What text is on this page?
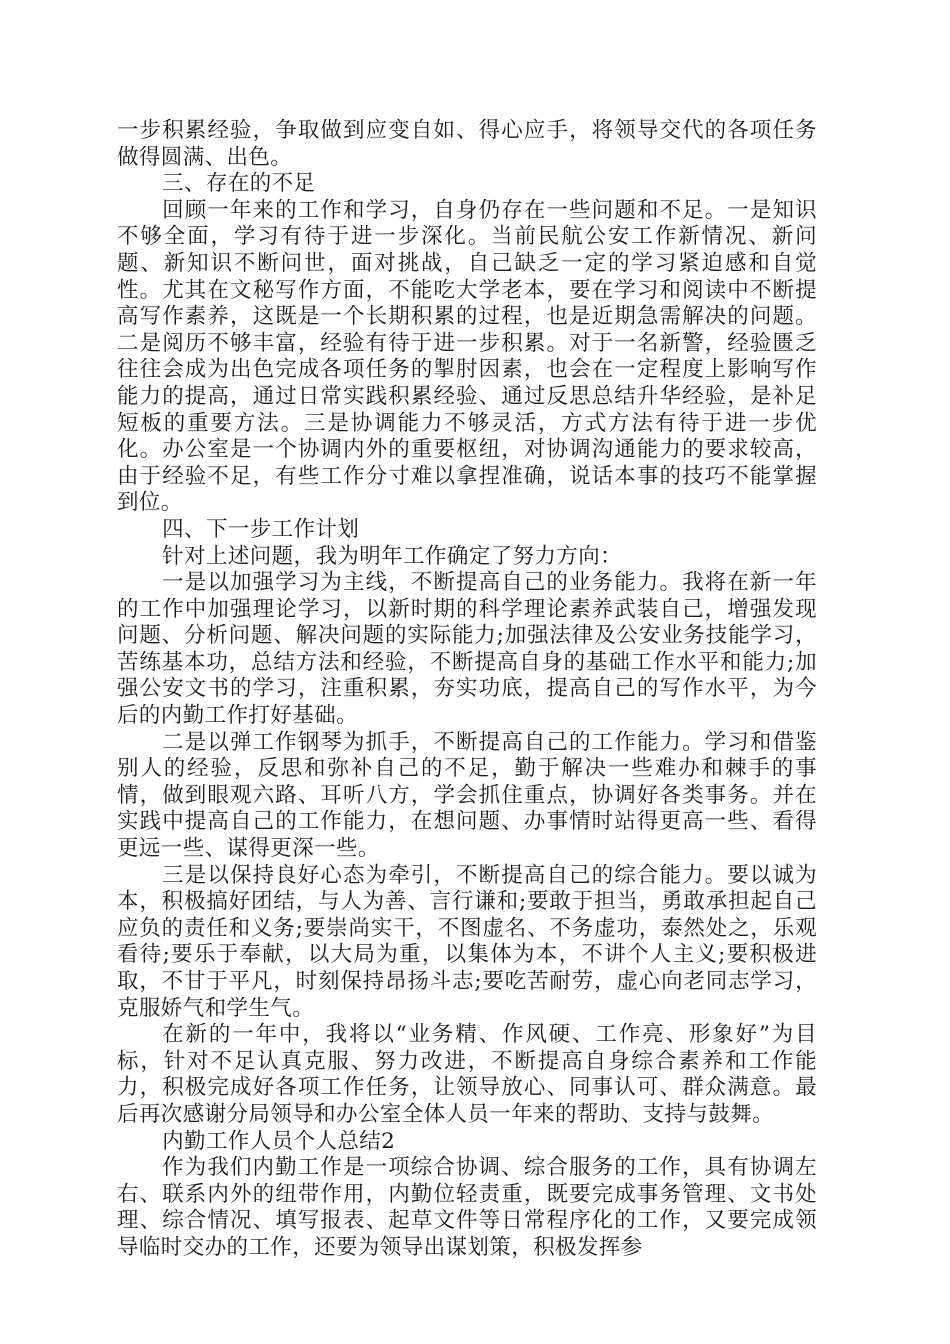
一步积累经验，争取做到应变自如、得心应手，将领导交代的各项任务做得圆满、出色。

三、存在的不足

回顾一年来的工作和学习，自身仍存在一些问题和不足。一是知识不够全面，学习有待于进一步深化。当前民航公安工作新情况、新问题、新知识不断问世，面对挑战，自己缺乏一定的学习紧迫感和自觉性。尤其在文秘写作方面，不能吃大学老本，要在学习和阅读中不断提高写作素养，这既是一个长期积累的过程，也是近期急需解决的问题。二是阅历不够丰富，经验有待于进一步积累。对于一名新警，经验匮乏往往会成为出色完成各项任务的掣肘因素，也会在一定程度上影响写作能力的提高，通过日常实践积累经验、通过反思总结升华经验，是补足短板的重要方法。三是协调能力不够灵活，方式方法有待于进一步优化。办公室是一个协调内外的重要枢纽，对协调沟通能力的要求较高，由于经验不足，有些工作分寸难以拿捏准确，说话本事的技巧不能掌握到位。

四、下一步工作计划

针对上述问题，我为明年工作确定了努力方向：

一是以加强学习为主线，不断提高自己的业务能力。我将在新一年的工作中加强理论学习，以新时期的科学理论素养武装自己，增强发现问题、分析问题、解决问题的实际能力;加强法律及公安业务技能学习，苦练基本功，总结方法和经验，不断提高自身的基础工作水平和能力;加强公安文书的学习，注重积累，夯实功底，提高自己的写作水平，为今后的内勤工作打好基础。

二是以弹工作钢琴为抓手，不断提高自己的工作能力。学习和借鉴别人的经验，反思和弥补自己的不足，勤于解决一些难办和棘手的事情，做到眼观六路、耳听八方，学会抓住重点，协调好各类事务。并在实践中提高自己的工作能力，在想问题、办事情时站得更高一些、看得更远一些、谋得更深一些。

三是以保持良好心态为牵引，不断提高自己的综合能力。要以诚为本，积极搞好团结，与人为善、言行谦和;要敢于担当，勇敢承担起自己应负的责任和义务;要崇尚实干，不图虚名、不务虚功，泰然处之，乐观看待;要乐于奉献，以大局为重，以集体为本，不讲个人主义;要积极进取，不甘于平凡，时刻保持昂扬斗志;要吃苦耐劳，虚心向老同志学习，克服娇气和学生气。

在新的一年中，我将以“业务精、作风硬、工作亮、形象好”为目标，针对不足认真克服、努力改进，不断提高自身综合素养和工作能力，积极完成好各项工作任务，让领导放心、同事认可、群众满意。最后再次感谢分局领导和办公室全体人员一年来的帮助、支持与鼓舞。

内勤工作人员个人总结2

作为我们内勤工作是一项综合协调、综合服务的工作，具有协调左右、联系内外的纽带作用，内勤位轻责重，既要完成事务管理、文书处理、综合情况、填写报表、起草文件等日常程序化的工作，又要完成领导临时交办的工作，还要为领导出谋划策，积极发挥参
